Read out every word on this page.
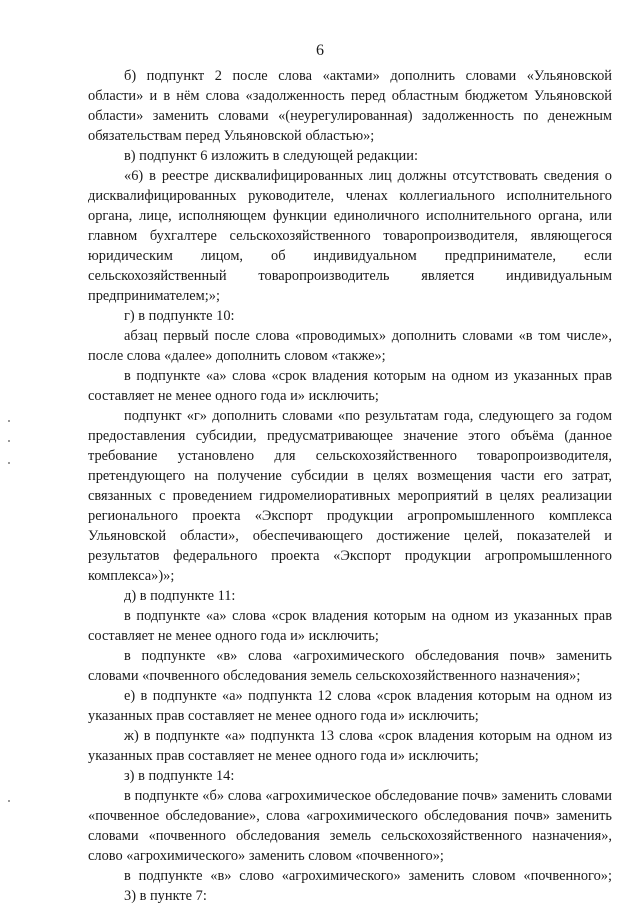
6

б) подпункт 2 после слова «актами» дополнить словами «Ульяновской области» и в нём слова «задолженность перед областным бюджетом Ульяновской области» заменить словами «(неурегулированная) задолженность по денежным обязательствам перед Ульяновской областью»;

в) подпункт 6 изложить в следующей редакции:

«6) в реестре дисквалифицированных лиц должны отсутствовать сведения о дисквалифицированных руководителе, членах коллегиального исполнительного органа, лице, исполняющем функции единоличного исполнительного органа, или главном бухгалтере сельскохозяйственного товаропроизводителя, являющегося юридическим лицом, об индивидуальном предпринимателе, если сельскохозяйственный товаропроизводитель является индивидуальным предпринимателем;»;

г) в подпункте 10:

абзац первый после слова «проводимых» дополнить словами «в том числе», после слова «далее» дополнить словом «также»;

в подпункте «а» слова «срок владения которым на одном из указанных прав составляет не менее одного года и» исключить;

подпункт «г» дополнить словами «по результатам года, следующего за годом предоставления субсидии, предусматривающее значение этого объёма (данное требование установлено для сельскохозяйственного товаропроизводителя, претендующего на получение субсидии в целях возмещения части его затрат, связанных с проведением гидромелиоративных мероприятий в целях реализации регионального проекта «Экспорт продукции агропромышленного комплекса Ульяновской области», обеспечивающего достижение целей, показателей и результатов федерального проекта «Экспорт продукции агропромышленного комплекса»)»;

д) в подпункте 11:

в подпункте «а» слова «срок владения которым на одном из указанных прав составляет не менее одного года и» исключить;

в подпункте «в» слова «агрохимического обследования почв» заменить словами «почвенного обследования земель сельскохозяйственного назначения»;

е) в подпункте «а» подпункта 12 слова «срок владения которым на одном из указанных прав составляет не менее одного года и» исключить;

ж) в подпункте «а» подпункта 13 слова «срок владения которым на одном из указанных прав составляет не менее одного года и» исключить;

з) в подпункте 14:

в подпункте «б» слова «агрохимическое обследование почв» заменить словами «почвенное обследование», слова «агрохимического обследования почв» заменить словами «почвенного обследования земель сельскохозяйственного назначения», слово «агрохимического» заменить словом «почвенного»;

в подпункте «в» слово «агрохимического» заменить словом «почвенного»;

3) в пункте 7:
